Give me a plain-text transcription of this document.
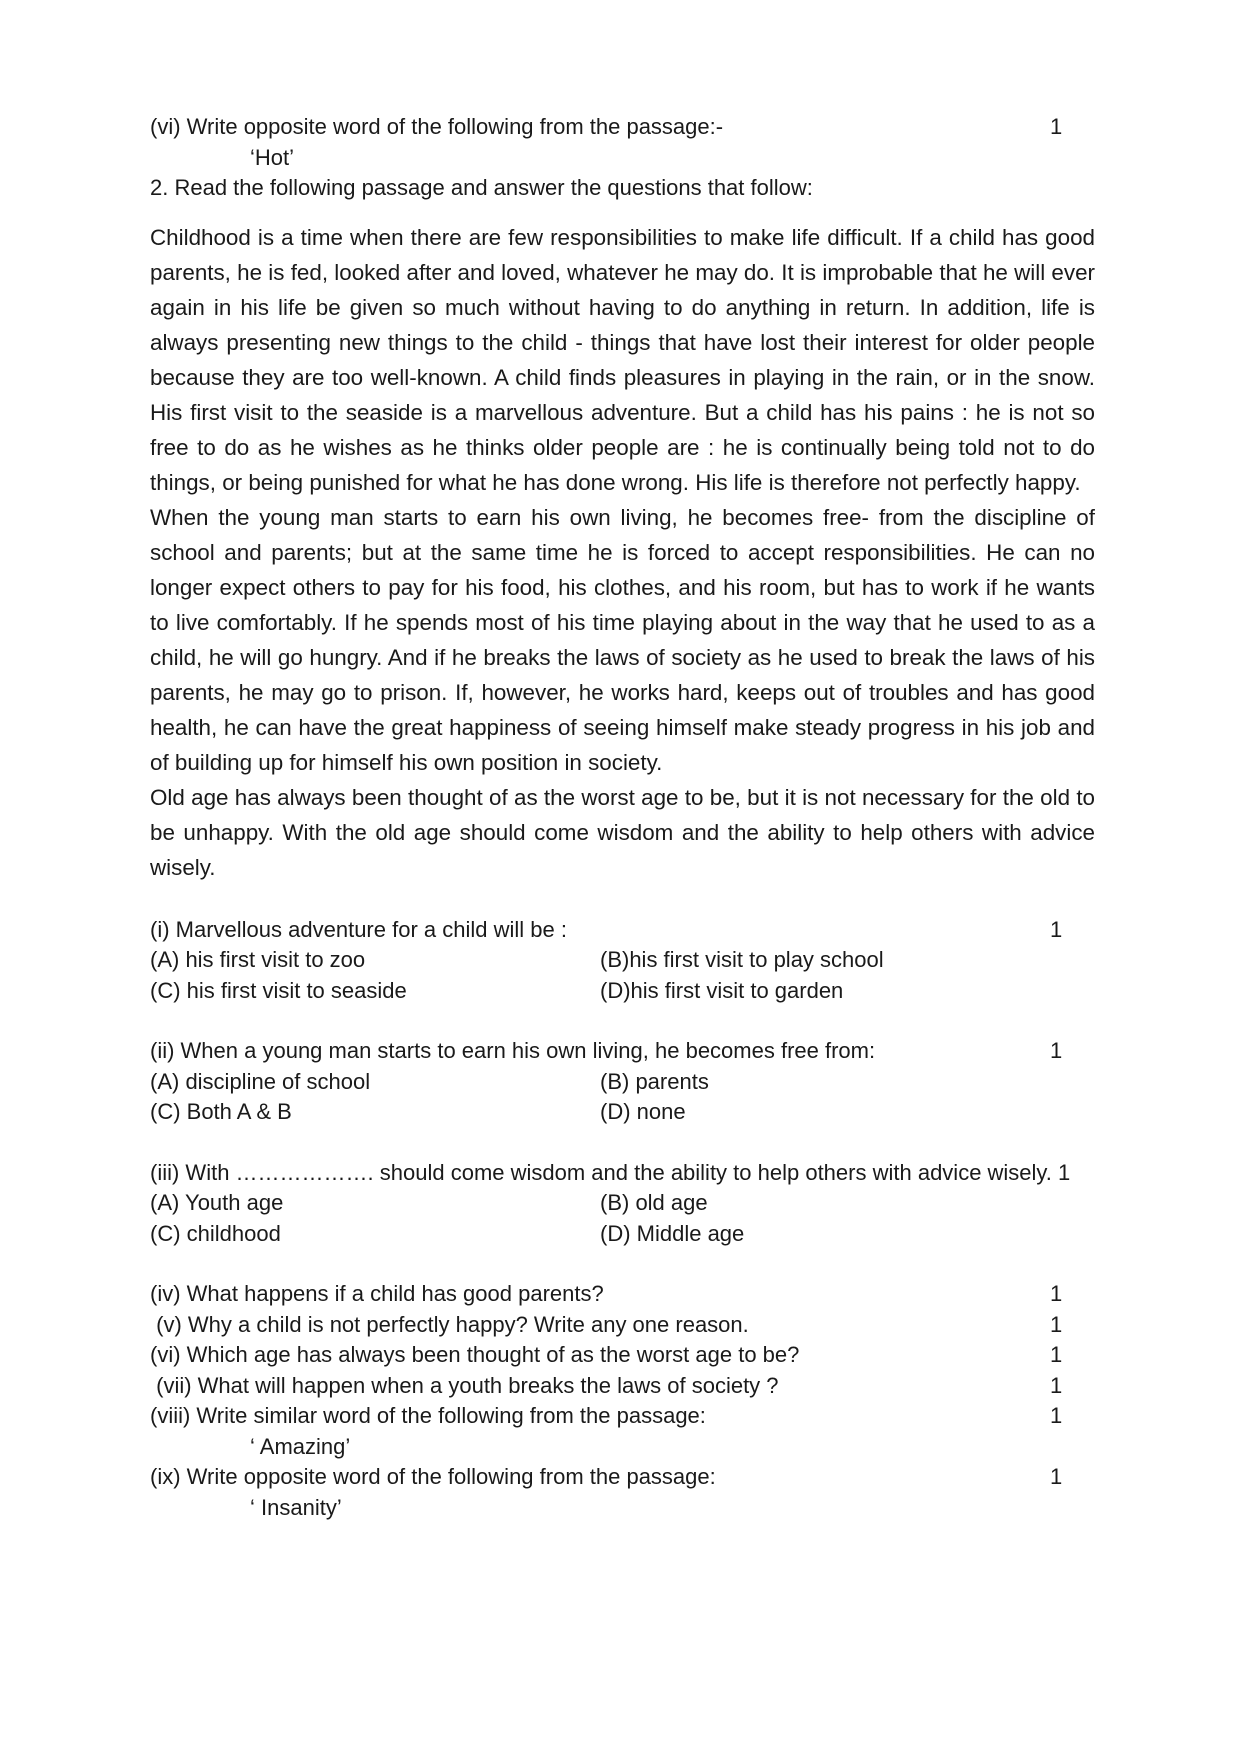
(vi) Write opposite word of the following from the passage:-	1
‘Hot’
2. Read the following passage and answer the questions that follow:

Childhood is a time when there are few responsibilities to make life difficult. If a child has good parents, he is fed, looked after and loved, whatever he may do. It is improbable that he will ever again in his life be given so much without having to do anything in return. In addition, life is always presenting new things to the child - things that have lost their interest for older people because they are too well-known. A child finds pleasures in playing in the rain, or in the snow. His first visit to the seaside is a marvellous adventure. But a child has his pains : he is not so free to do as he wishes as he thinks older people are : he is continually being told not to do things, or being punished for what he has done wrong. His life is therefore not perfectly happy.

When the young man starts to earn his own living, he becomes free- from the discipline of school and parents; but at the same time he is forced to accept responsibilities. He can no longer expect others to pay for his food, his clothes, and his room, but has to work if he wants to live comfortably. If he spends most of his time playing about in the way that he used to as a child, he will go hungry. And if he breaks the laws of society as he used to break the laws of his parents, he may go to prison. If, however, he works hard, keeps out of troubles and has good health, he can have the great happiness of seeing himself make steady progress in his job and of building up for himself his own position in society.

Old age has always been thought of as the worst age to be, but it is not necessary for the old to be unhappy. With the old age should come wisdom and the ability to help others with advice wisely.

(i) Marvellous adventure for a child will be :	1
(A) his first visit to zoo	(B)his first visit to play school
(C) his first visit to seaside	(D)his first visit to garden
(ii) When a young man starts to earn his own living, he becomes free from:	1
(A) discipline of school	(B) parents
(C) Both A & B	(D) none
(iii) With ………………. should come wisdom and the ability to help others with advice wisely. 1
(A) Youth age	(B) old age
(C) childhood	(D) Middle age
(iv) What happens if a child has good parents?	1
(v) Why a child is not perfectly happy? Write any one reason.	1
(vi) Which age has always been thought of as the worst age to be?	1
(vii) What will happen when a youth breaks the laws of society ?	1
(viii) Write similar word of the following from the passage:	1
‘ Amazing’
(ix) Write opposite word of the following from the passage:	1
‘ Insanity’
